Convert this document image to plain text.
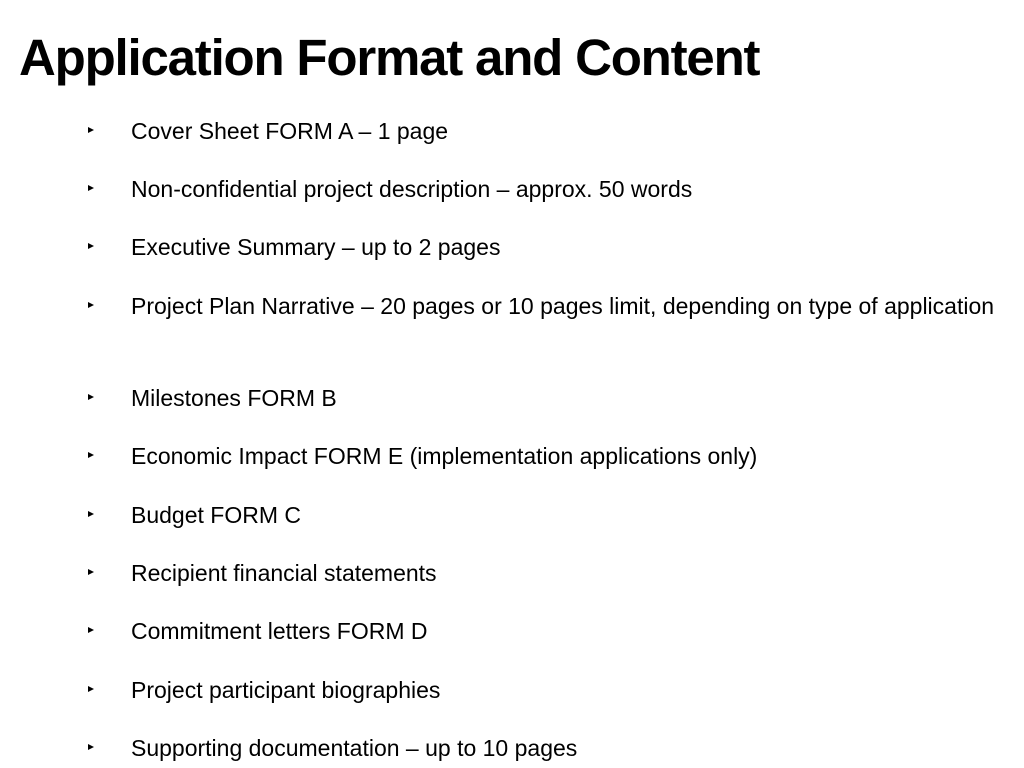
Application Format and Content
Cover Sheet FORM A – 1 page
Non-confidential project description – approx. 50 words
Executive Summary – up to 2 pages
Project Plan Narrative – 20 pages or 10 pages limit, depending on type of application
Milestones FORM B
Economic Impact FORM E (implementation applications only)
Budget FORM C
Recipient financial statements
Commitment letters FORM D
Project participant biographies
Supporting documentation – up to 10 pages
